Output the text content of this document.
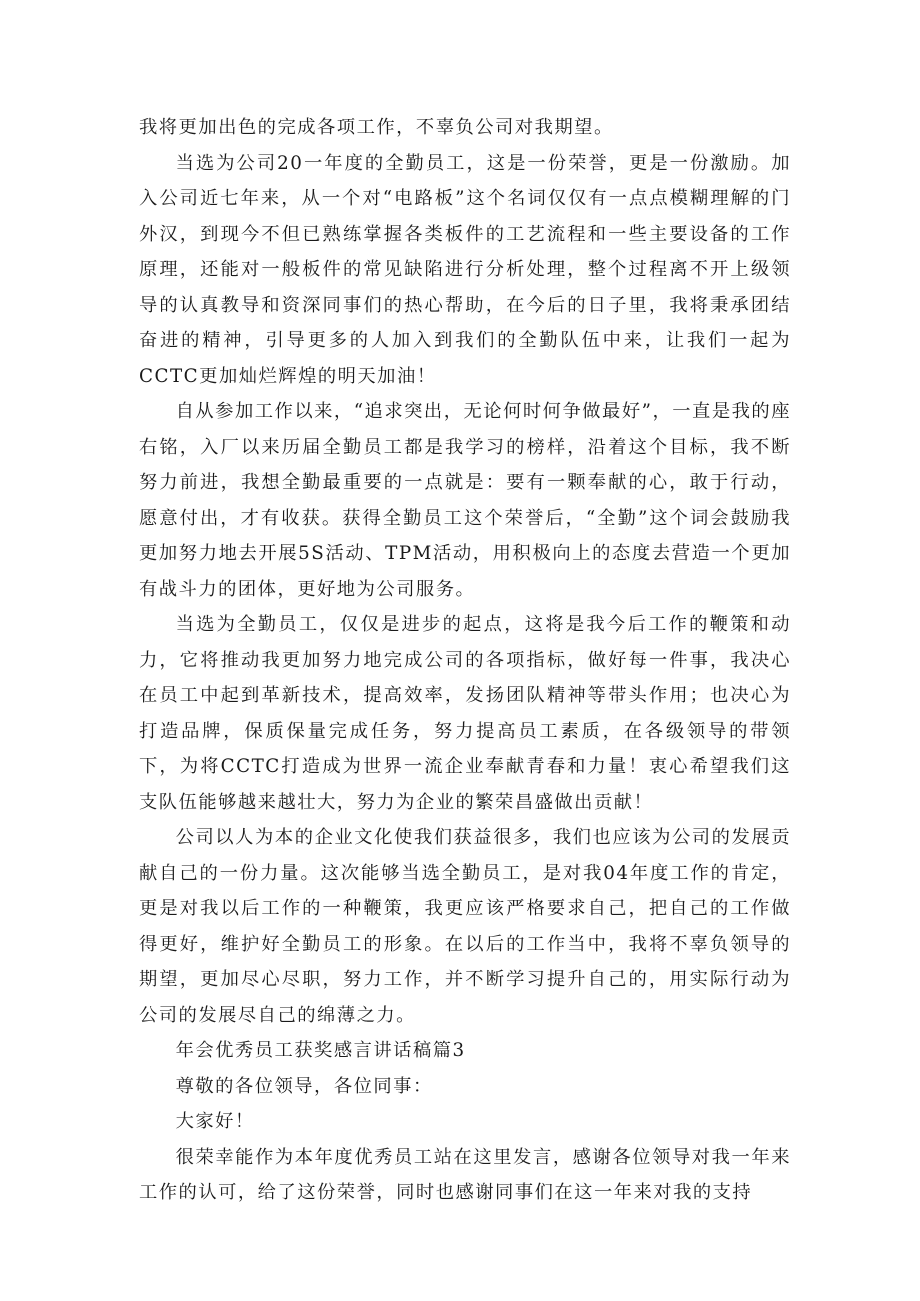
我将更加出色的完成各项工作，不辜负公司对我期望。

当选为公司20一年度的全勤员工，这是一份荣誉，更是一份激励。加入公司近七年来，从一个对“电路板”这个名词仅仅有一点点模糊理解的门外汉，到现今不但已熟练掌握各类板件的工艺流程和一些主要设备的工作原理，还能对一般板件的常见缺陷进行分析处理，整个过程离不开上级领导的认真教导和资深同事们的热心帮助，在今后的日子里，我将秉承团结奋进的精神，引导更多的人加入到我们的全勤队伍中来，让我们一起为CCTC更加灿烂辉煌的明天加油！

自从参加工作以来，“追求突出，无论何时何争做最好”，一直是我的座右铭，入厂以来历届全勤员工都是我学习的榜样，沿着这个目标，我不断努力前进，我想全勤最重要的一点就是：要有一颗奉献的心，敢于行动，愿意付出，才有收获。获得全勤员工这个荣誉后，“全勤”这个词会鼓励我更加努力地去开展5S活动、TPM活动，用积极向上的态度去营造一个更加有战斗力的团体，更好地为公司服务。

当选为全勤员工，仅仅是进步的起点，这将是我今后工作的鞭策和动力，它将推动我更加努力地完成公司的各项指标，做好每一件事，我决心在员工中起到革新技术，提高效率，发扬团队精神等带头作用；也决心为打造品牌，保质保量完成任务，努力提高员工素质，在各级领导的带领下，为将CCTC打造成为世界一流企业奉献青春和力量！衷心希望我们这支队伍能够越来越壮大，努力为企业的繁荣昌盛做出贡献！

公司以人为本的企业文化使我们获益很多，我们也应该为公司的发展贡献自己的一份力量。这次能够当选全勤员工，是对我04年度工作的肯定，更是对我以后工作的一种鞭策，我更应该严格要求自己，把自己的工作做得更好，维护好全勤员工的形象。在以后的工作当中，我将不辜负领导的期望，更加尽心尽职，努力工作，并不断学习提升自己的，用实际行动为公司的发展尽自己的绵薄之力。

年会优秀员工获奖感言讲话稿篇3

尊敬的各位领导，各位同事：

大家好！

很荣幸能作为本年度优秀员工站在这里发言，感谢各位领导对我一年来工作的认可，给了这份荣誉，同时也感谢同事们在这一年来对我的支持
